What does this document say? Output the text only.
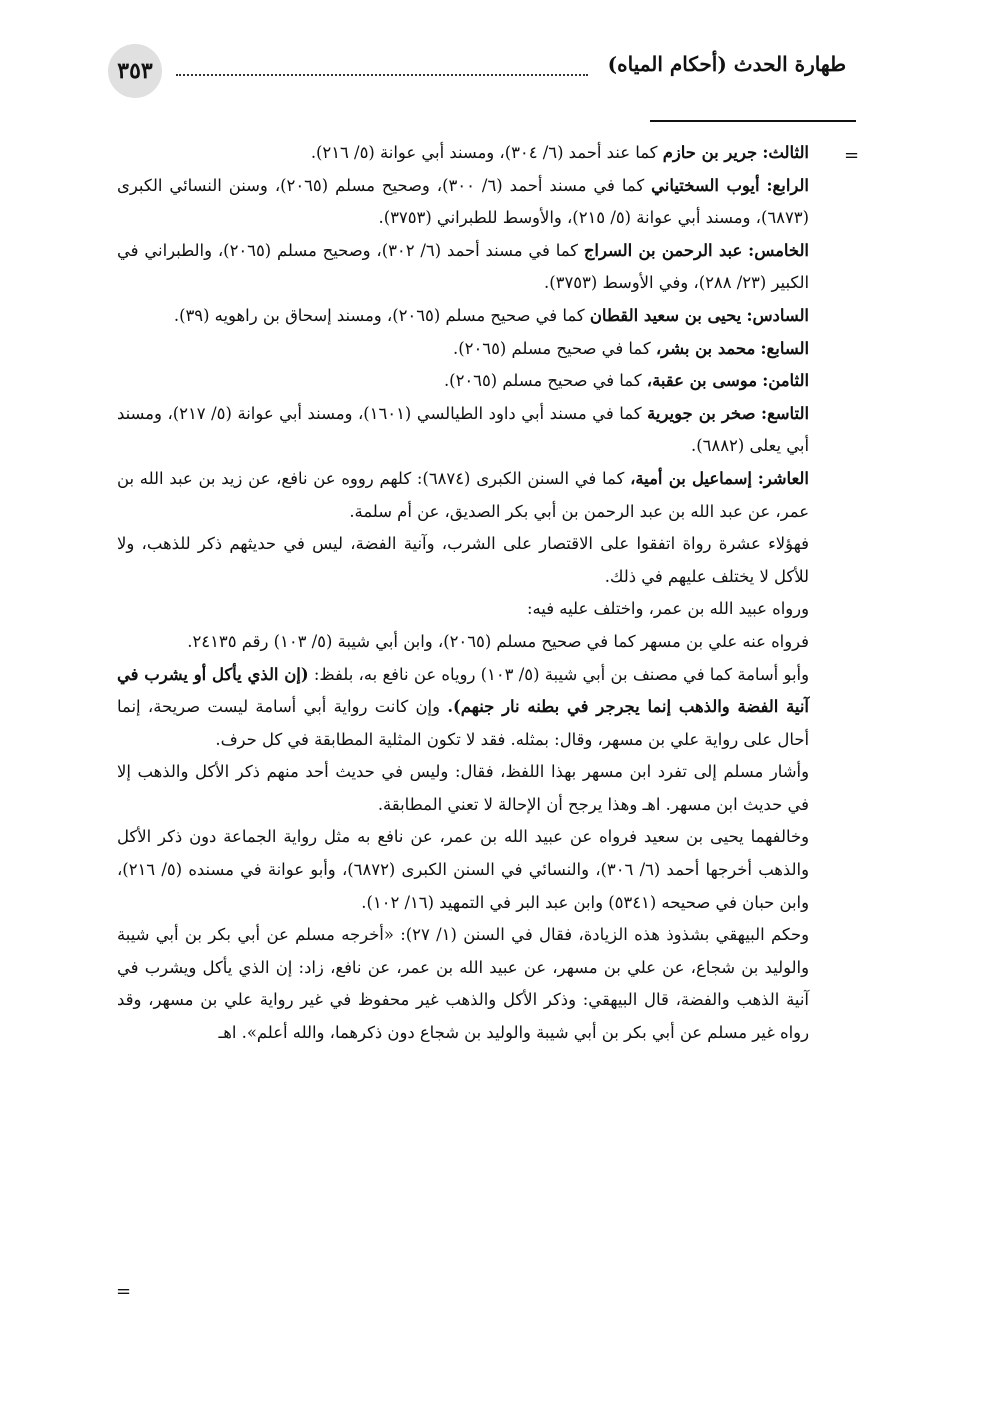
طهارة الحدث (أحكام المياه)
٣٥٣
=
=

الثالث: جرير بن حازم كما عند أحمد (٦/ ٣٠٤)، ومسند أبي عوانة (٥/ ٢١٦).

الرابع: أيوب السختياني كما في مسند أحمد (٦/ ٣٠٠)، وصحيح مسلم (٢٠٦٥)، وسنن النسائي الكبرى (٦٨٧٣)، ومسند أبي عوانة (٥/ ٢١٥)، والأوسط للطبراني (٣٧٥٣).

الخامس: عبد الرحمن بن السراج كما في مسند أحمد (٦/ ٣٠٢)، وصحيح مسلم (٢٠٦٥)، والطبراني في الكبير (٢٣/ ٢٨٨)، وفي الأوسط (٣٧٥٣).

السادس: يحيى بن سعيد القطان كما في صحيح مسلم (٢٠٦٥)، ومسند إسحاق بن راهويه (٣٩).

السابع: محمد بن بشر، كما في صحيح مسلم (٢٠٦٥).

الثامن: موسى بن عقبة، كما في صحيح مسلم (٢٠٦٥).

التاسع: صخر بن جويرية كما في مسند أبي داود الطيالسي (١٦٠١)، ومسند أبي عوانة (٥/ ٢١٧)، ومسند أبي يعلى (٦٨٨٢).

العاشر: إسماعيل بن أمية، كما في السنن الكبرى (٦٨٧٤): كلهم رووه عن نافع، عن زيد بن عبد الله بن عمر، عن عبد الله بن عبد الرحمن بن أبي بكر الصديق، عن أم سلمة.

فهؤلاء عشرة رواة اتفقوا على الاقتصار على الشرب، وآنية الفضة، ليس في حديثهم ذكر للذهب، ولا للأكل لا يختلف عليهم في ذلك.

ورواه عبيد الله بن عمر، واختلف عليه فيه:

فرواه عنه علي بن مسهر كما في صحيح مسلم (٢٠٦٥)، وابن أبي شيبة (٥/ ١٠٣) رقم ٢٤١٣٥.

وأبو أسامة كما في مصنف بن أبي شيبة (٥/ ١٠٣) روياه عن نافع به، بلفظ: (إن الذي يأكل أو يشرب في آنية الفضة والذهب إنما يجرجر في بطنه نار جنهم). وإن كانت رواية أبي أسامة ليست صريحة، إنما أحال على رواية علي بن مسهر، وقال: بمثله. فقد لا تكون المثلية المطابقة في كل حرف.

وأشار مسلم إلى تفرد ابن مسهر بهذا اللفظ، فقال: وليس في حديث أحد منهم ذكر الأكل والذهب إلا في حديث ابن مسهر. اهـ وهذا يرجح أن الإحالة لا تعني المطابقة.

وخالفهما يحيى بن سعيد فرواه عن عبيد الله بن عمر، عن نافع به مثل رواية الجماعة دون ذكر الأكل والذهب أخرجها أحمد (٦/ ٣٠٦)، والنسائي في السنن الكبرى (٦٨٧٢)، وأبو عوانة في مسنده (٥/ ٢١٦)، وابن حبان في صحيحه (٥٣٤١) وابن عبد البر في التمهيد (١٦/ ١٠٢).

وحكم البيهقي بشذوذ هذه الزيادة، فقال في السنن (١/ ٢٧): «أخرجه مسلم عن أبي بكر بن أبي شيبة والوليد بن شجاع، عن علي بن مسهر، عن عبيد الله بن عمر، عن نافع، زاد: إن الذي يأكل ويشرب في آنية الذهب والفضة، قال البيهقي: وذكر الأكل والذهب غير محفوظ في غير رواية علي بن مسهر، وقد رواه غير مسلم عن أبي بكر بن أبي شيبة والوليد بن شجاع دون ذكرهما، والله أعلم». اهـ
